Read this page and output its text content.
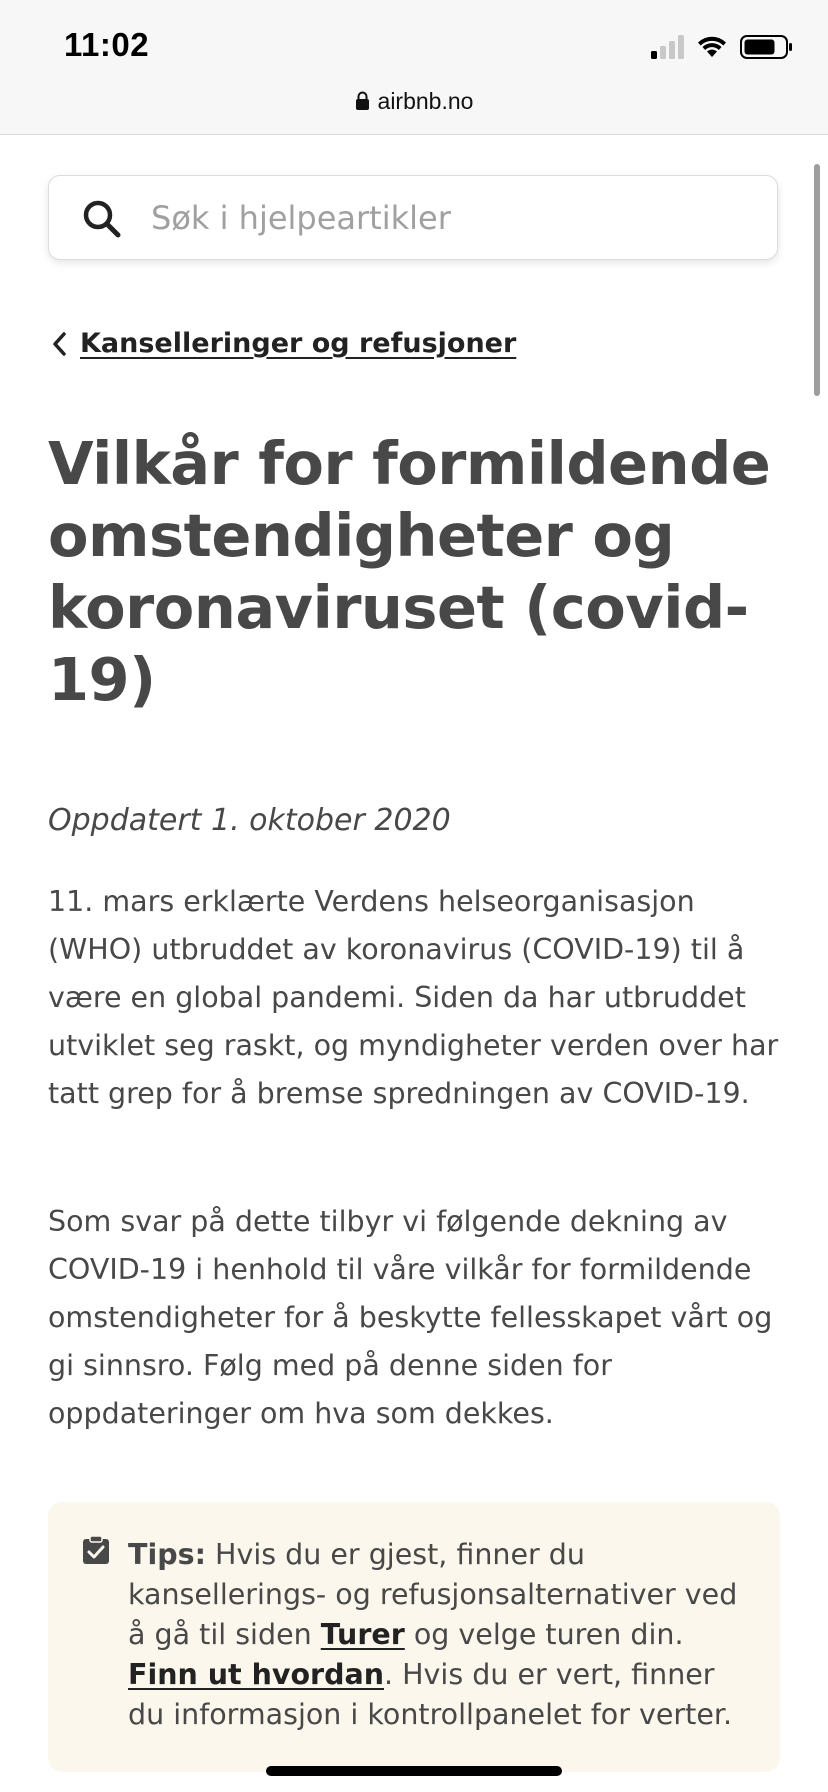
11:02
airbnb.no
Søk i hjelpeartikler
Kanselleringer og refusjoner
Vilkår for formildende omstendigheter og koronaviruset (covid-19)
Oppdatert 1. oktober 2020

11. mars erklærte Verdens helseorganisasjon (WHO) utbruddet av koronavirus (COVID-19) til å være en global pandemi. Siden da har utbruddet utviklet seg raskt, og myndigheter verden over har tatt grep for å bremse spredningen av COVID-19.

Som svar på dette tilbyr vi følgende dekning av COVID-19 i henhold til våre vilkår for formildende omstendigheter for å beskytte fellesskapet vårt og gi sinnsro. Følg med på denne siden for oppdateringer om hva som dekkes.

Tips: Hvis du er gjest, finner du kansellerings- og refusjonsalternativer ved å gå til siden Turer og velge turen din. Finn ut hvordan. Hvis du er vert, finner du informasjon i kontrollpanelet for verter.
